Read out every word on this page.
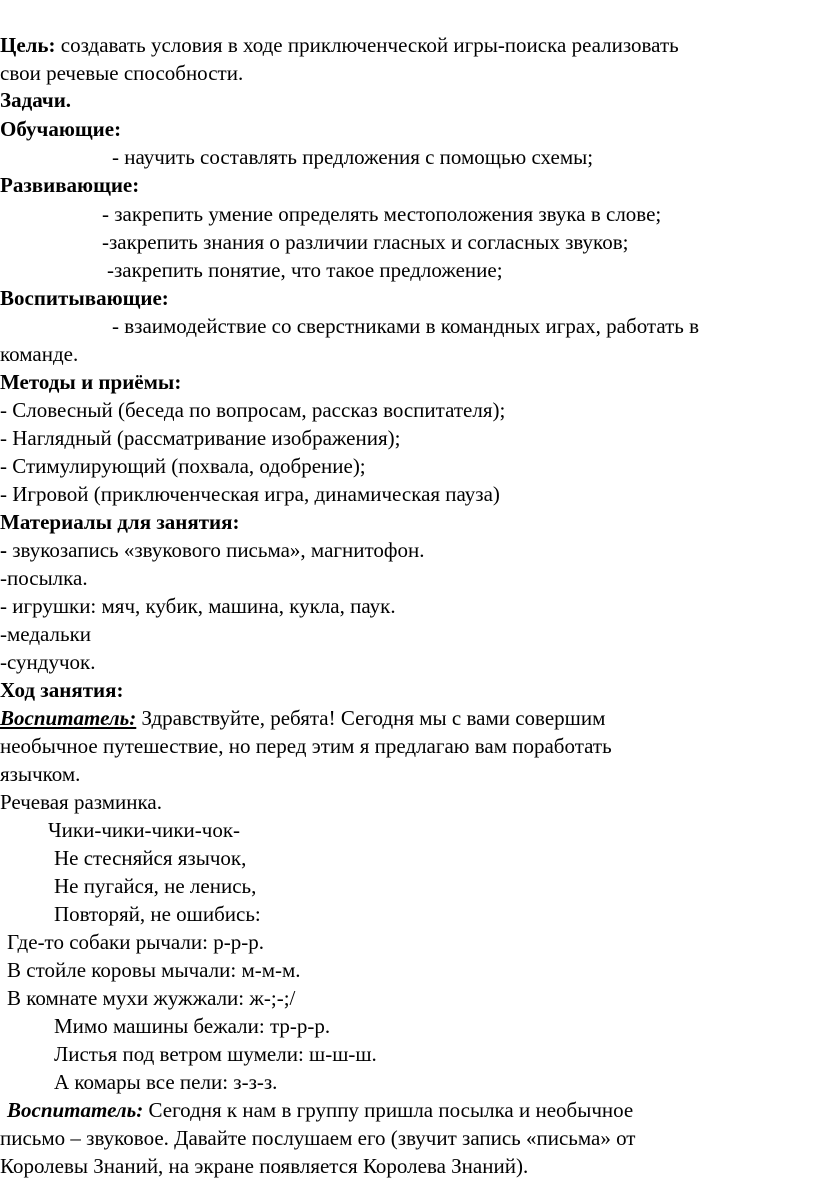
Цель: создавать условия в ходе приключенческой игры-поиска реализовать
свои речевые способности.
Задачи.
Обучающие:
- научить составлять предложения с помощью схемы;
Развивающие:
- закрепить умение определять местоположения звука в слове;
-закрепить знания о различии гласных и согласных звуков;
-закрепить понятие, что такое предложение;
Воспитывающие:
- взаимодействие со сверстниками в командных играх, работать в
команде.
Методы и приёмы:
- Словесный (беседа по вопросам, рассказ воспитателя);
- Наглядный (рассматривание изображения);
- Стимулирующий (похвала, одобрение);
- Игровой (приключенческая игра, динамическая пауза)
Материалы для занятия:
- звукозапись «звукового письма», магнитофон.
-посылка.
- игрушки: мяч, кубик, машина, кукла, паук.
-медальки
-сундучок.
Ход занятия:
Воспитатель: Здравствуйте, ребята! Сегодня мы с вами совершим
необычное путешествие, но перед этим я предлагаю вам поработать
язычком.
Речевая разминка.
Чики-чики-чики-чок-
Не стесняйся язычок,
Не пугайся, не ленись,
Повторяй, не ошибись:
Где-то собаки рычали: р-р-р.
В стойле коровы мычали: м-м-м.
В комнате мухи жужжали: ж-;-;/
Мимо машины бежали: тр-р-р.
Листья под ветром шумели: ш-ш-ш.
А комары все пели: з-з-з.
Воспитатель: Сегодня к нам в группу пришла посылка и необычное
письмо – звуковое. Давайте послушаем его (звучит запись «письма» от
Королевы Знаний, на экране появляется Королева Знаний).
